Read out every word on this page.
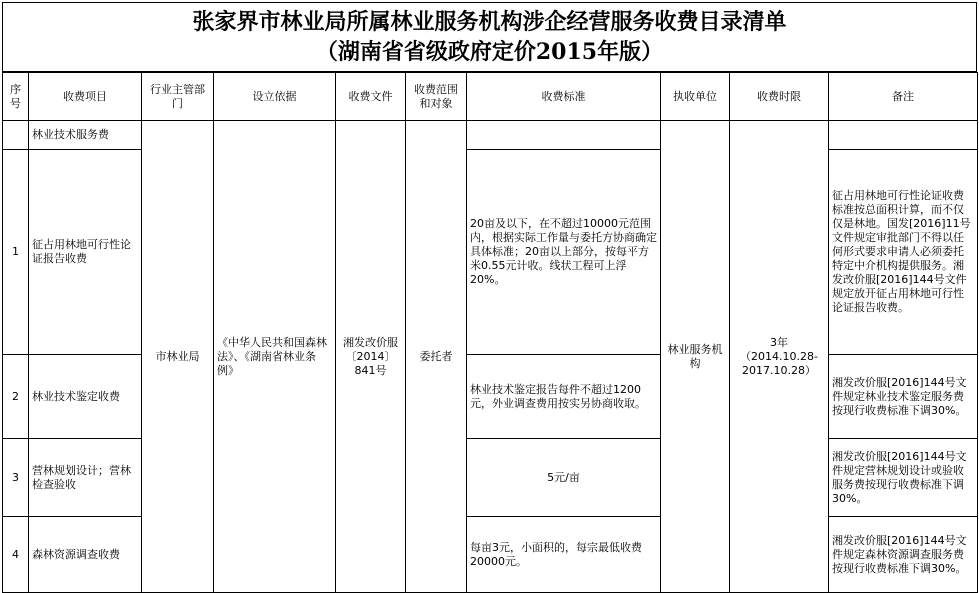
张家界市林业局所属林业服务机构涉企经营服务收费目录清单
（湖南省省级政府定价2015年版）
序号	收费项目	行业主管部门	设立依据	收费文件	收费范围和对象	收费标准	执收单位	收费时限	备注
	林业技术服务费	市林业局	《中华人民共和国森林法》、《湖南省林业条例》	湘发改价服〔2014〕841号	委托者		林业服务机构	3年（2014.10.28-2017.10.28）	
1	征占用林地可行性论证报告收费					20亩及以下，在不超过10000元范围内，根据实际工作量与委托方协商确定具体标准；20亩以上部分，按每平方米0.55元计收。线状工程可上浮20%。			征占用林地可行性论证收费标准按总面积计算，而不仅仅是林地。国发[2016]11号文件规定审批部门不得以任何形式要求申请人必须委托特定中介机构提供服务。湘发改价服[2016]144号文件规定放开征占用林地可行性论证报告收费。
2	林业技术鉴定收费					林业技术鉴定报告每件不超过1200元，外业调查费用按实另协商收取。			湘发改价服[2016]144号文件规定林业技术鉴定服务费按现行收费标准下调30%。
3	营林规划设计；营林检查验收					5元/亩			湘发改价服[2016]144号文件规定营林规划设计或验收服务费按现行收费标准下调30%。
4	森林资源调查收费					每亩3元，小面积的，每宗最低收费20000元。			湘发改价服[2016]144号文件规定森林资源调查服务费按现行收费标准下调30%。
